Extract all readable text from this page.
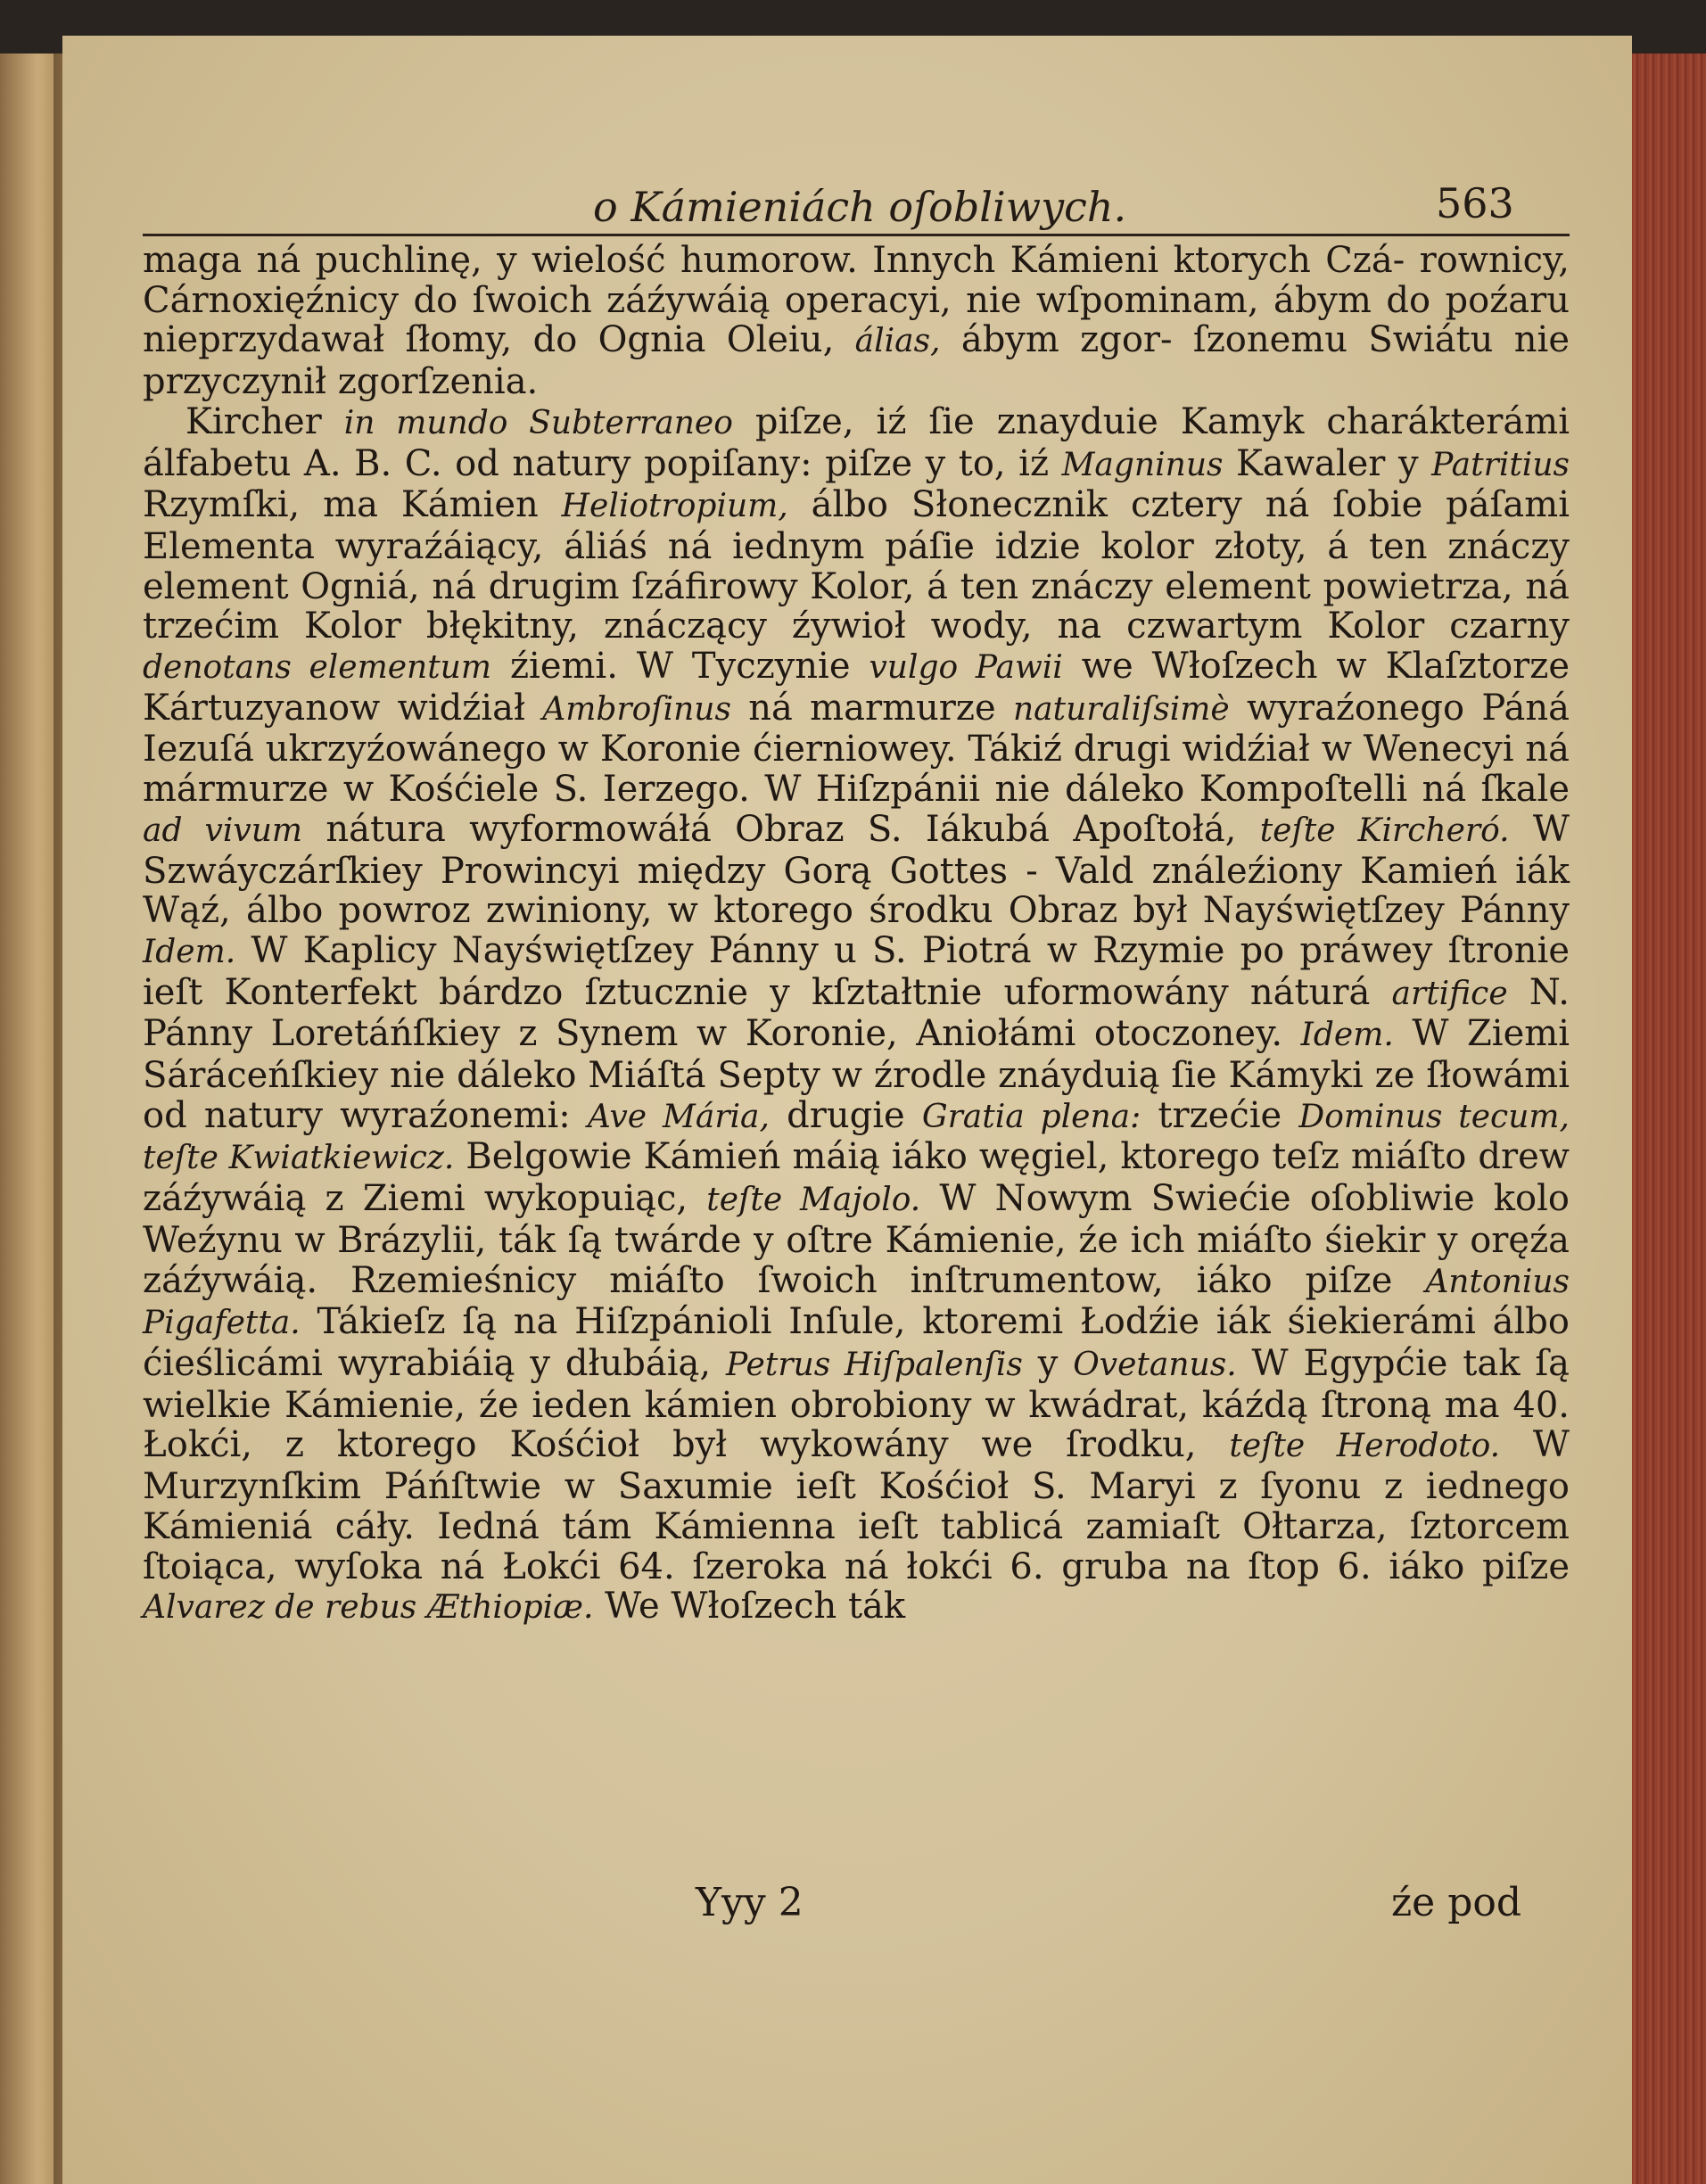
o Kámieniách oſobliwych.	563

maga ná puchlinę, y wielość humorow. Innych Kámieni ktorych Czá- rownicy, Cárnoxięźnicy do ſwoich záźywáią operacyi, nie wſpominam, ábym do poźaru nieprzydawał ſłomy, do Ognia Oleiu, álias, ábym zgor- ſzonemu Swiátu nie przyczynił zgorſzenia.

Kircher in mundo Subterraneo piſze, iź ſie znayduie Kamyk charákterámi álfabetu A. B. C. od natury popiſany: piſze y to, iź Magninus Kawaler y Patritius Rzymſki, ma Kámien Heliotropium, álbo Słonecznik cztery ná ſobie páſami Elementa wyraźáiący, áliáś ná iednym páſie idzie kolor złoty, á ten znáczy element Ogniá, ná drugim ſzáfirowy Kolor, á ten znáczy element powietrza, ná trzećim Kolor błękitny, znáczący źywioł wody, na czwartym Kolor czarny denotans elementum źiemi. W Tyczynie vulgo Pawii we Włoſzech w Klaſztorze Kártuzyanow widźiał Ambroſinus ná marmurze naturaliſsimè wyraźonego Páná Iezuſá ukrzyźowánego w Koronie ćierniowey. Tákiź drugi widźiał w Wenecyi ná mármurze w Kośćiele S. Ierzego. W Hiſzpánii nie dáleko Kompoſtelli ná ſkale ad vivum nátura wyformowáłá Obraz S. Iákubá Apoſtołá, teſte Kircheró. W Szwáyczárſkiey Prowincyi między Gorą Gottes - Vald ználeźiony Kamień iák Wąź, álbo powroz zwiniony, w ktorego środku Obraz był Nayświętſzey Pánny Idem. W Kaplicy Nayświętſzey Pánny u S. Piotrá w Rzymie po práwey ſtronie ieſt Konterfekt bárdzo ſztucznie y kſztałtnie uformowány náturá artifice N. Pánny Loretáńſkiey z Synem w Koronie, Aniołámi otoczoney. Idem. W Ziemi Sáráceńſkiey nie dáleko Miáſtá Septy w źrodle znáyduią ſie Kámyki ze ſłowámi od natury wyraźonemi: Ave Mária, drugie Gratia plena: trzećie Dominus tecum, teſte Kwiatkiewicz. Belgowie Kámień máią iáko węgiel, ktorego teſz miáſto drew záźywáią z Ziemi wykopuiąc, teſte Majolo. W Nowym Swiećie oſobliwie kolo Weźynu w Brázylii, ták ſą twárde y oſtre Kámienie, źe ich miáſto śiekir y oręźa záźywáią. Rzemieśnicy miáſto ſwoich inſtrumentow, iáko piſze Antonius Pigafetta. Tákieſz ſą na Hiſzpánioli Inſule, ktoremi Łodźie iák śiekierámi álbo ćieślicámi wyrabiáią y dłubáią, Petrus Hiſpalenſis y Ovetanus. W Egypćie tak ſą wielkie Kámienie, źe ieden kámien obrobiony w kwádrat, káźdą ſtroną ma 40. Łokći, z ktorego Kośćioł był wykowány we ſrodku, teſte Herodoto. W Murzynſkim Páńſtwie w Saxumie ieſt Kośćioł S. Maryi z ſyonu z iednego Kámieniá cáły. Iedná tám Kámienna ieſt tablicá zamiaſt Ołtarza, ſztorcem ſtoiąca, wyſoka ná Łokći 64. ſzeroka ná łokći 6. gruba na ſtop 6. iáko piſze Alvarez de rebus Æthiopiæ. We Włoſzech ták

Yyy 2	źe pod
